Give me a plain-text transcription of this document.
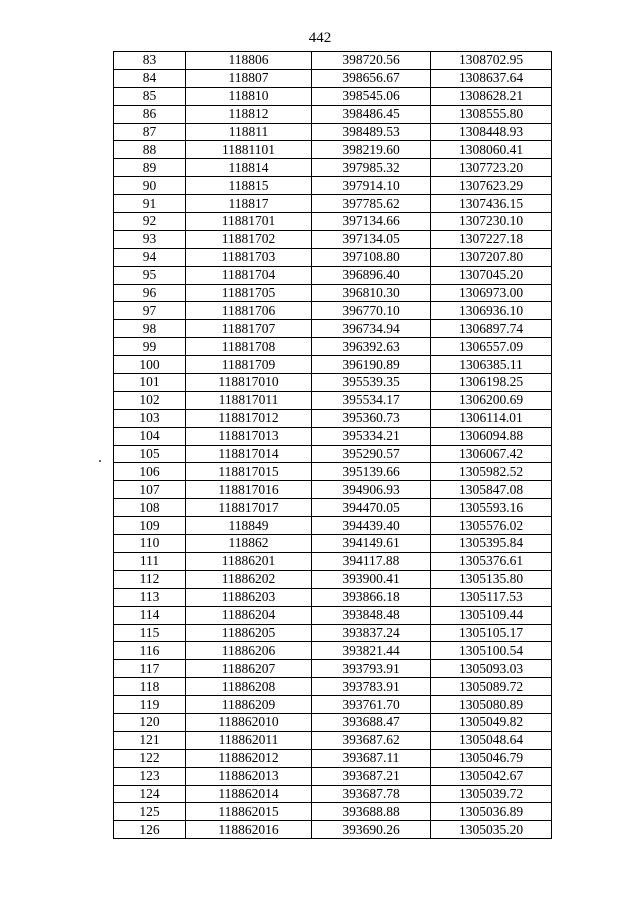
442
83	118806	398720.56	1308702.95
84	118807	398656.67	1308637.64
85	118810	398545.06	1308628.21
86	118812	398486.45	1308555.80
87	118811	398489.53	1308448.93
88	11881101	398219.60	1308060.41
89	118814	397985.32	1307723.20
90	118815	397914.10	1307623.29
91	118817	397785.62	1307436.15
92	11881701	397134.66	1307230.10
93	11881702	397134.05	1307227.18
94	11881703	397108.80	1307207.80
95	11881704	396896.40	1307045.20
96	11881705	396810.30	1306973.00
97	11881706	396770.10	1306936.10
98	11881707	396734.94	1306897.74
99	11881708	396392.63	1306557.09
100	11881709	396190.89	1306385.11
101	118817010	395539.35	1306198.25
102	118817011	395534.17	1306200.69
103	118817012	395360.73	1306114.01
104	118817013	395334.21	1306094.88
105	118817014	395290.57	1306067.42
106	118817015	395139.66	1305982.52
107	118817016	394906.93	1305847.08
108	118817017	394470.05	1305593.16
109	118849	394439.40	1305576.02
110	118862	394149.61	1305395.84
111	11886201	394117.88	1305376.61
112	11886202	393900.41	1305135.80
113	11886203	393866.18	1305117.53
114	11886204	393848.48	1305109.44
115	11886205	393837.24	1305105.17
116	11886206	393821.44	1305100.54
117	11886207	393793.91	1305093.03
118	11886208	393783.91	1305089.72
119	11886209	393761.70	1305080.89
120	118862010	393688.47	1305049.82
121	118862011	393687.62	1305048.64
122	118862012	393687.11	1305046.79
123	118862013	393687.21	1305042.67
124	118862014	393687.78	1305039.72
125	118862015	393688.88	1305036.89
126	118862016	393690.26	1305035.20
